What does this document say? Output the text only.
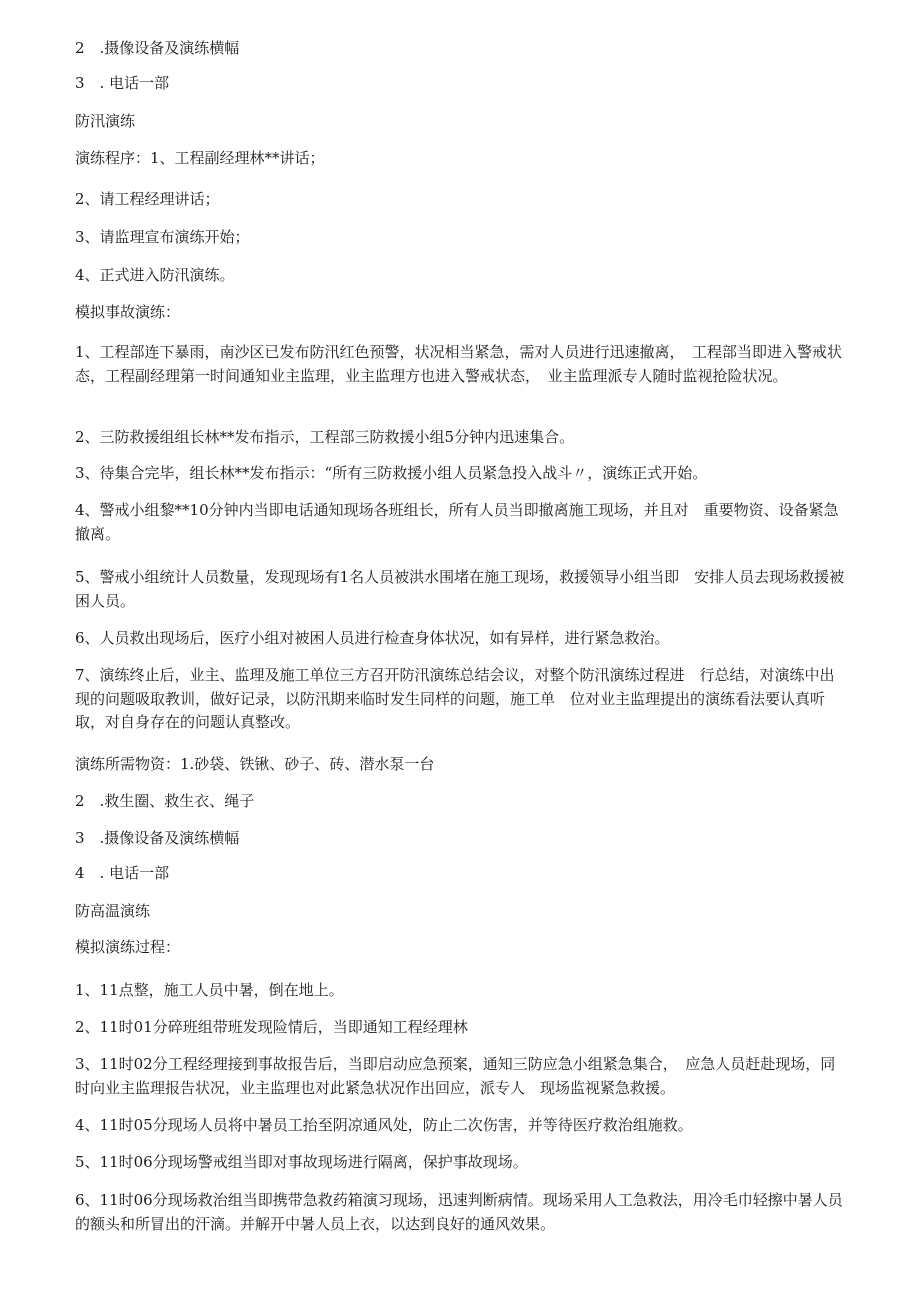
2　.摄像设备及演练横幅
3　. 电话一部
防汛演练
演练程序：1、工程副经理林**讲话；
2、请工程经理讲话；
3、请监理宣布演练开始；
4、正式进入防汛演练。
模拟事故演练：
1、工程部连下暴雨，南沙区已发布防汛红色预警，状况相当紧急，需对人员进行迅速撤离，　工程部当即进入警戒状态，工程副经理第一时间通知业主监理，业主监理方也进入警戒状态，　业主监理派专人随时监视抢险状况。
2、三防救援组组长林**发布指示，工程部三防救援小组5分钟内迅速集合。
3、待集合完毕，组长林**发布指示：“所有三防救援小组人员紧急投入战斗〃，演练正式开始。
4、警戒小组黎**10分钟内当即电话通知现场各班组长，所有人员当即撤离施工现场，并且对　重要物资、设备紧急撤离。
5、警戒小组统计人员数量，发现现场有1名人员被洪水围堵在施工现场，救援领导小组当即　安排人员去现场救援被困人员。
6、人员救出现场后，医疗小组对被困人员进行检查身体状况，如有异样，进行紧急救治。
7、演练终止后，业主、监理及施工单位三方召开防汛演练总结会议，对整个防汛演练过程进　行总结，对演练中出现的问题吸取教训，做好记录，以防汛期来临时发生同样的问题，施工单　位对业主监理提出的演练看法要认真听取，对自身存在的问题认真整改。
演练所需物资：1.砂袋、铁锹、砂子、砖、潜水泵一台
2　.救生圈、救生衣、绳子
3　.摄像设备及演练横幅
4　. 电话一部
防高温演练
模拟演练过程：
1、11点整，施工人员中暑，倒在地上。
2、11时01分碎班组带班发现险情后，当即通知工程经理林
3、11时02分工程经理接到事故报告后，当即启动应急预案，通知三防应急小组紧急集合，　应急人员赶赴现场，同时向业主监理报告状况，业主监理也对此紧急状况作出回应，派专人　现场监视紧急救援。
4、11时05分现场人员将中暑员工抬至阴凉通风处，防止二次伤害，并等待医疗救治组施救。
5、11时06分现场警戒组当即对事故现场进行隔离，保护事故现场。
6、11时06分现场救治组当即携带急救药箱演习现场，迅速判断病情。现场采用人工急救法，用冷毛巾轻擦中暑人员的额头和所冒出的汗滴。并解开中暑人员上衣，以达到良好的通风效果。
